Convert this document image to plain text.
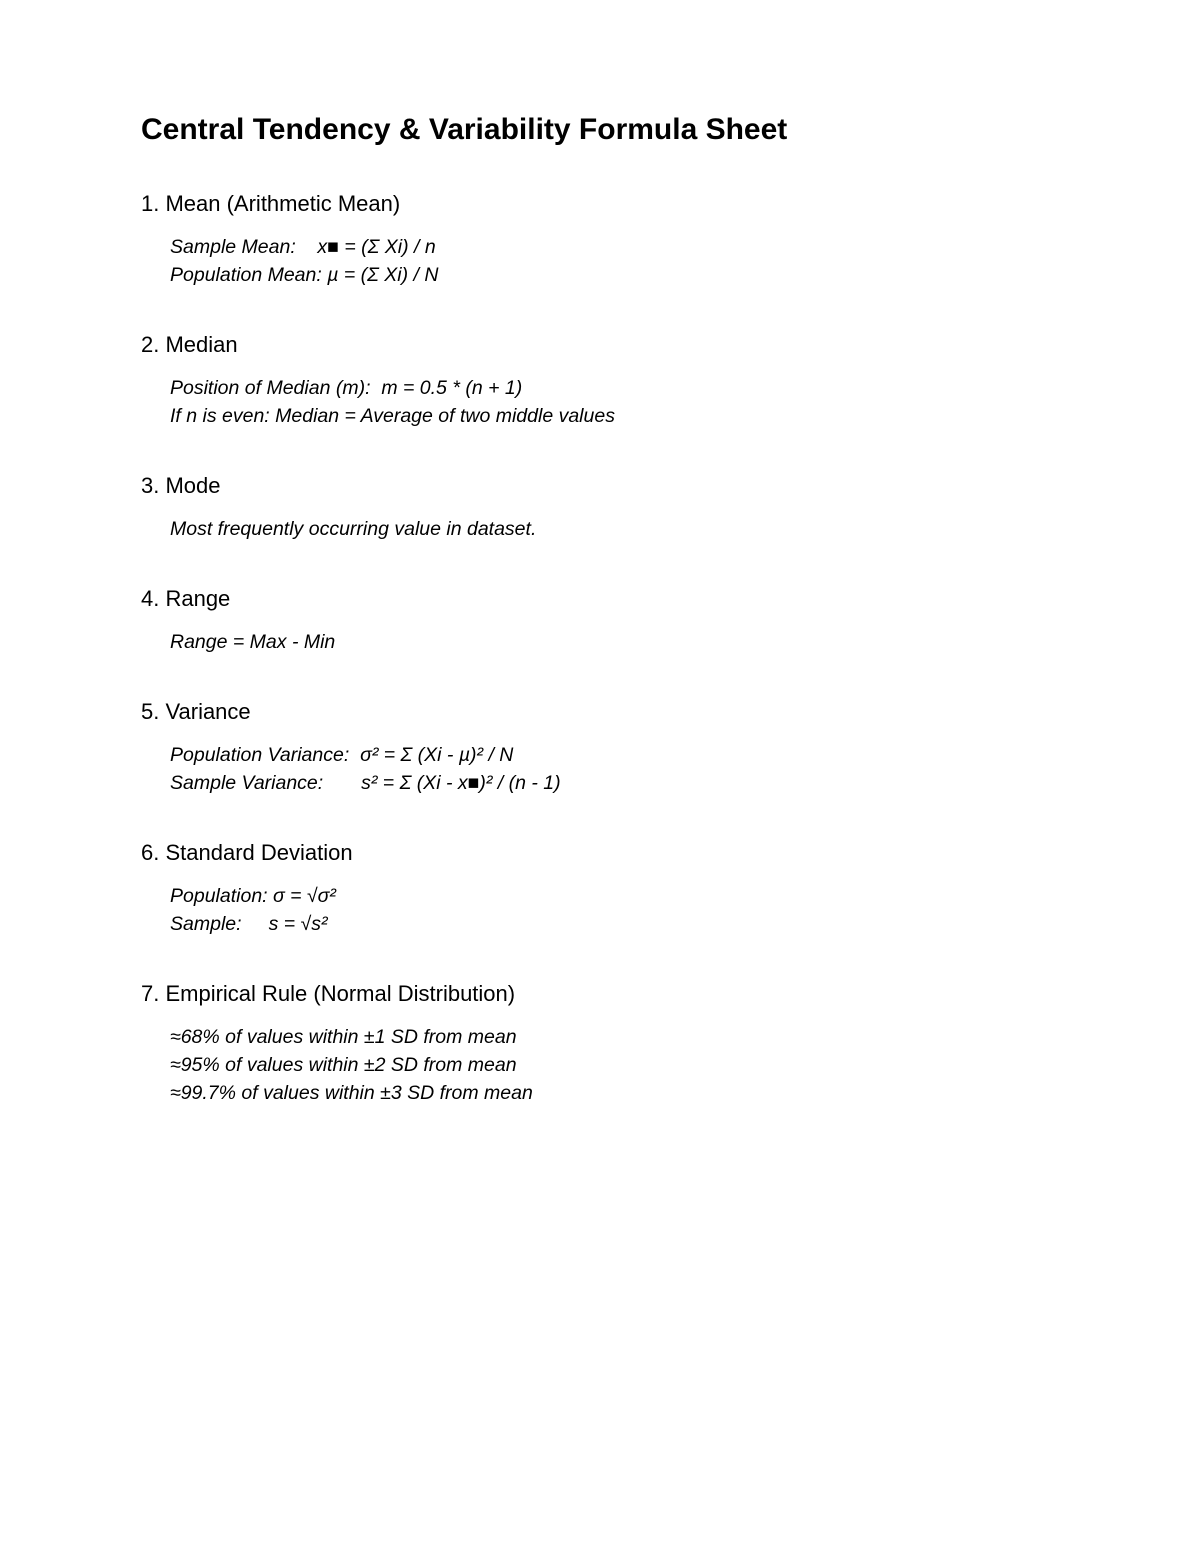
Central Tendency & Variability Formula Sheet
1. Mean (Arithmetic Mean)

Sample Mean:    x■ = (Σ Xi) / n

Population Mean: µ = (Σ Xi) / N

2. Median

Position of Median (m):  m = 0.5 * (n + 1)

If n is even: Median = Average of two middle values

3. Mode

Most frequently occurring value in dataset.

4. Range

Range = Max - Min

5. Variance

Population Variance:  σ² = Σ (Xi - µ)² / N

Sample Variance:       s² = Σ (Xi - x■)² / (n - 1)

6. Standard Deviation

Population: σ = √σ²

Sample:     s = √s²

7. Empirical Rule (Normal Distribution)

≈68% of values within ±1 SD from mean

≈95% of values within ±2 SD from mean

≈99.7% of values within ±3 SD from mean
